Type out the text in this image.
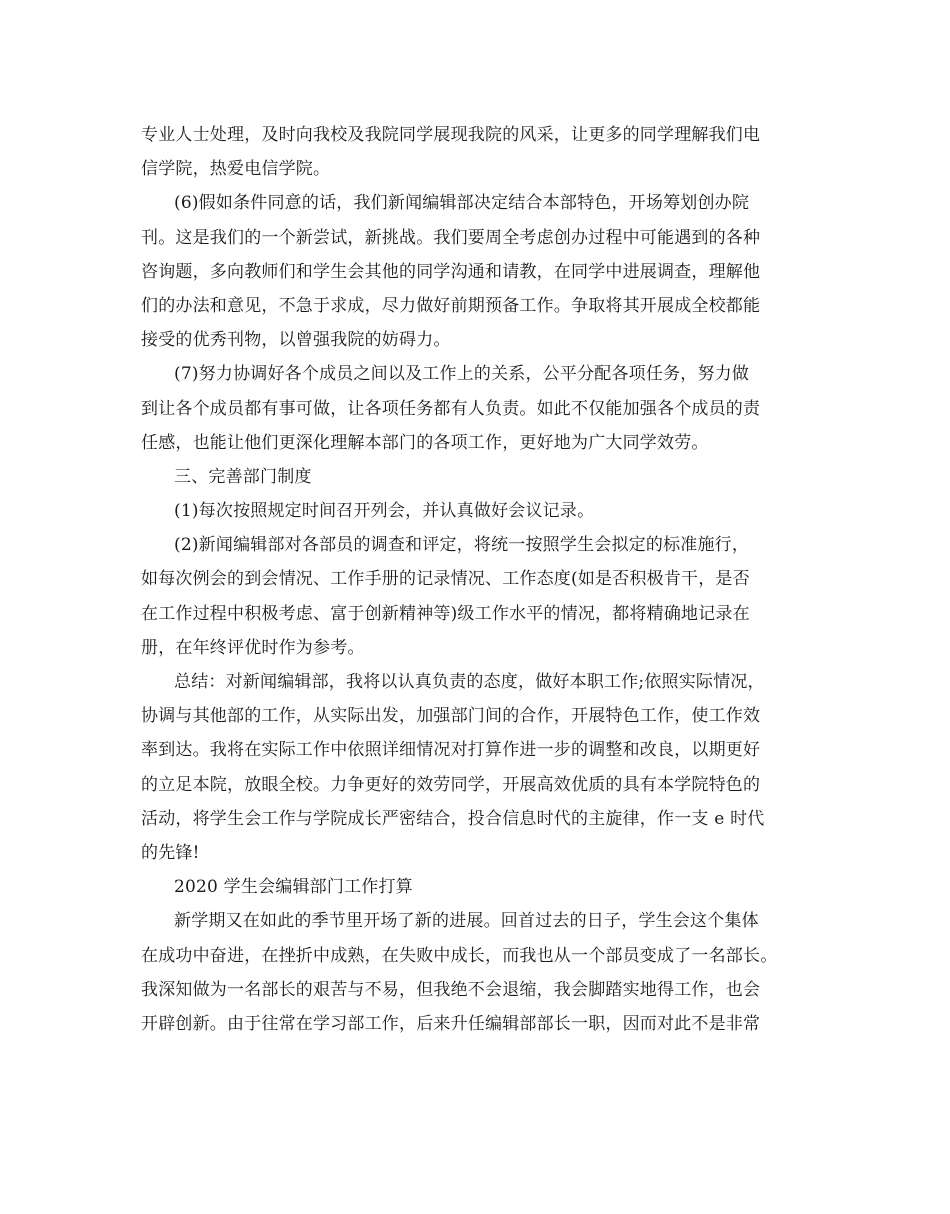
专业人士处理，及时向我校及我院同学展现我院的风采，让更多的同学理解我们电
信学院，热爱电信学院。
(6)假如条件同意的话，我们新闻编辑部决定结合本部特色，开场筹划创办院
刊。这是我们的一个新尝试，新挑战。我们要周全考虑创办过程中可能遇到的各种
咨询题，多向教师们和学生会其他的同学沟通和请教，在同学中进展调查，理解他
们的办法和意见，不急于求成，尽力做好前期预备工作。争取将其开展成全校都能
接受的优秀刊物，以曾强我院的妨碍力。
(7)努力协调好各个成员之间以及工作上的关系，公平分配各项任务，努力做
到让各个成员都有事可做，让各项任务都有人负责。如此不仅能加强各个成员的责
任感，也能让他们更深化理解本部门的各项工作，更好地为广大同学效劳。
三、完善部门制度
(1)每次按照规定时间召开列会，并认真做好会议记录。
(2)新闻编辑部对各部员的调查和评定，将统一按照学生会拟定的标准施行，
如每次例会的到会情况、工作手册的记录情况、工作态度(如是否积极肯干，是否
在工作过程中积极考虑、富于创新精神等)级工作水平的情况，都将精确地记录在
册，在年终评优时作为参考。
总结：对新闻编辑部，我将以认真负责的态度，做好本职工作;依照实际情况，
协调与其他部的工作，从实际出发，加强部门间的合作，开展特色工作，使工作效
率到达。我将在实际工作中依照详细情况对打算作进一步的调整和改良，以期更好
的立足本院，放眼全校。力争更好的效劳同学，开展高效优质的具有本学院特色的
活动，将学生会工作与学院成长严密结合，投合信息时代的主旋律，作一支 e 时代
的先锋!
2020 学生会编辑部门工作打算
新学期又在如此的季节里开场了新的进展。回首过去的日子，学生会这个集体
在成功中奋进，在挫折中成熟，在失败中成长，而我也从一个部员变成了一名部长。
我深知做为一名部长的艰苦与不易，但我绝不会退缩，我会脚踏实地得工作，也会
开辟创新。由于往常在学习部工作，后来升任编辑部部长一职，因而对此不是非常
